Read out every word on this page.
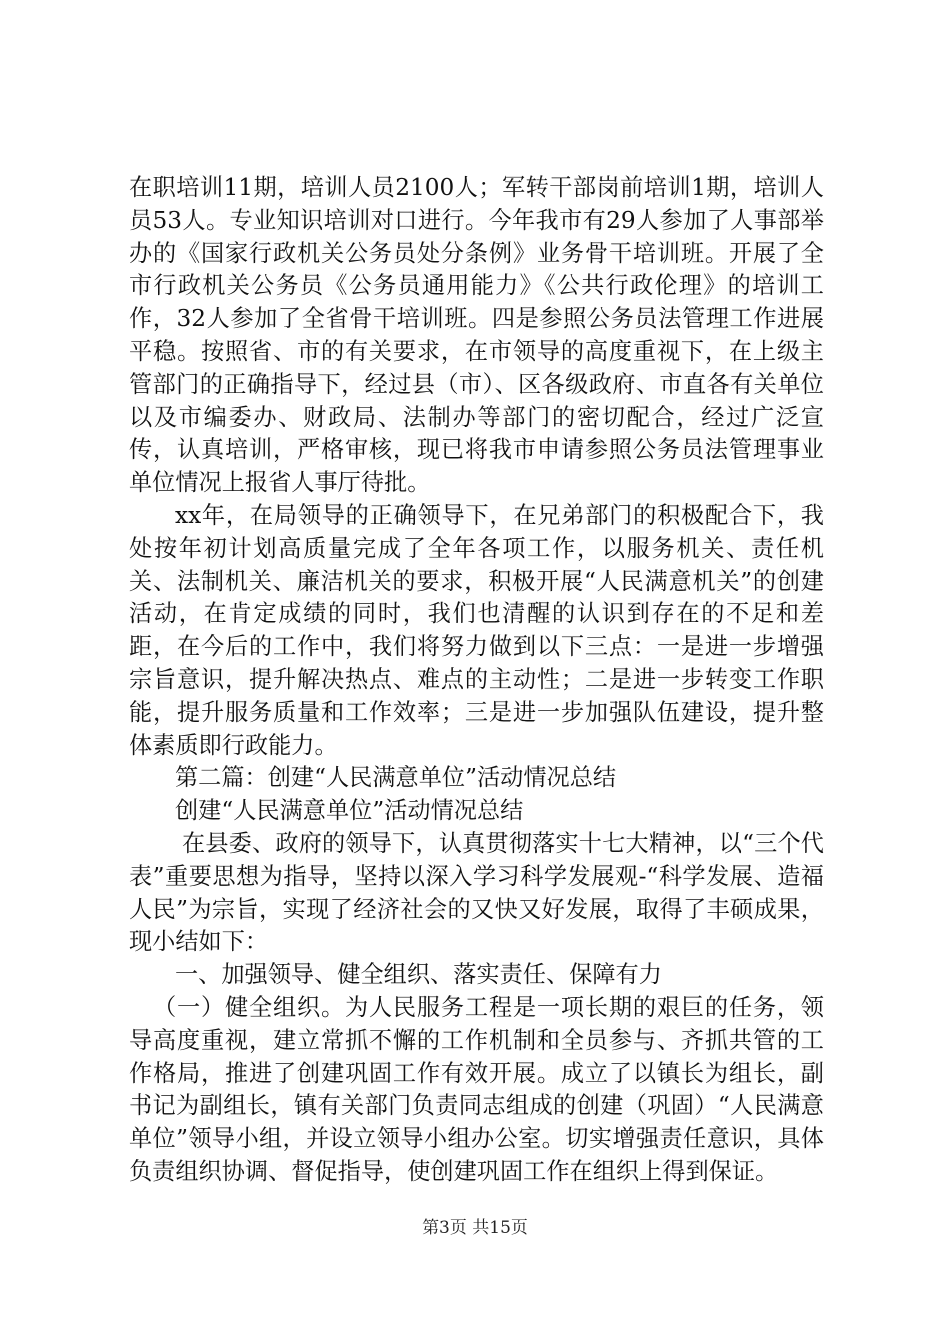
在职培训11期，培训人员2100人；军转干部岗前培训1期，培训人员53人。专业知识培训对口进行。今年我市有29人参加了人事部举办的《国家行政机关公务员处分条例》业务骨干培训班。开展了全市行政机关公务员《公务员通用能力》《公共行政伦理》的培训工作，32人参加了全省骨干培训班。四是参照公务员法管理工作进展平稳。按照省、市的有关要求，在市领导的高度重视下，在上级主管部门的正确指导下，经过县（市）、区各级政府、市直各有关单位以及市编委办、财政局、法制办等部门的密切配合，经过广泛宣传，认真培训，严格审核，现已将我市申请参照公务员法管理事业单位情况上报省人事厅待批。

xx年，在局领导的正确领导下，在兄弟部门的积极配合下，我处按年初计划高质量完成了全年各项工作，以服务机关、责任机关、法制机关、廉洁机关的要求，积极开展“人民满意机关”的创建活动，在肯定成绩的同时，我们也清醒的认识到存在的不足和差距，在今后的工作中，我们将努力做到以下三点：一是进一步增强宗旨意识，提升解决热点、难点的主动性；二是进一步转变工作职能，提升服务质量和工作效率；三是进一步加强队伍建设，提升整体素质即行政能力。

第二篇：创建“人民满意单位”活动情况总结

创建“人民满意单位”活动情况总结

在县委、政府的领导下，认真贯彻落实十七大精神，以“三个代表”重要思想为指导，坚持以深入学习科学发展观-“科学发展、造福人民”为宗旨，实现了经济社会的又快又好发展，取得了丰硕成果，现小结如下：

一、加强领导、健全组织、落实责任、保障有力

（一）健全组织。为人民服务工程是一项长期的艰巨的任务，领导高度重视，建立常抓不懈的工作机制和全员参与、齐抓共管的工作格局，推进了创建巩固工作有效开展。成立了以镇长为组长，副书记为副组长，镇有关部门负责同志组成的创建（巩固）“人民满意单位”领导小组，并设立领导小组办公室。切实增强责任意识，具体负责组织协调、督促指导，使创建巩固工作在组织上得到保证。

第3页 共15页
